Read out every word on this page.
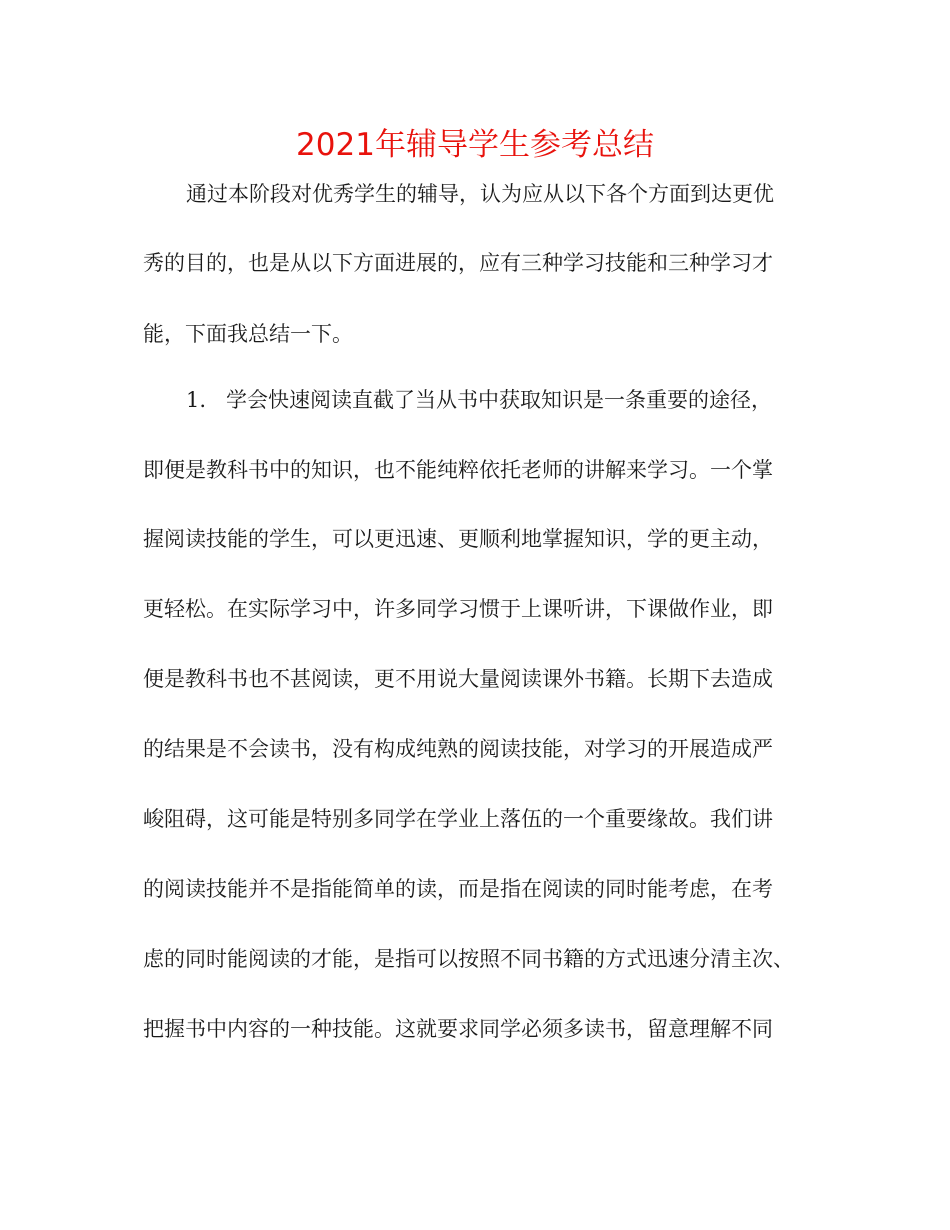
2021年辅导学生参考总结

通过本阶段对优秀学生的辅导，认为应从以下各个方面到达更优

秀的目的，也是从以下方面进展的，应有三种学习技能和三种学习才

能，下面我总结一下。

1. 学会快速阅读直截了当从书中获取知识是一条重要的途径，

即便是教科书中的知识，也不能纯粹依托老师的讲解来学习。一个掌

握阅读技能的学生，可以更迅速、更顺利地掌握知识，学的更主动，

更轻松。在实际学习中，许多同学习惯于上课听讲，下课做作业，即

便是教科书也不甚阅读，更不用说大量阅读课外书籍。长期下去造成

的结果是不会读书，没有构成纯熟的阅读技能，对学习的开展造成严

峻阻碍，这可能是特别多同学在学业上落伍的一个重要缘故。我们讲

的阅读技能并不是指能简单的读，而是指在阅读的同时能考虑，在考

虑的同时能阅读的才能，是指可以按照不同书籍的方式迅速分清主次、

把握书中内容的一种技能。这就要求同学必须多读书，留意理解不同
